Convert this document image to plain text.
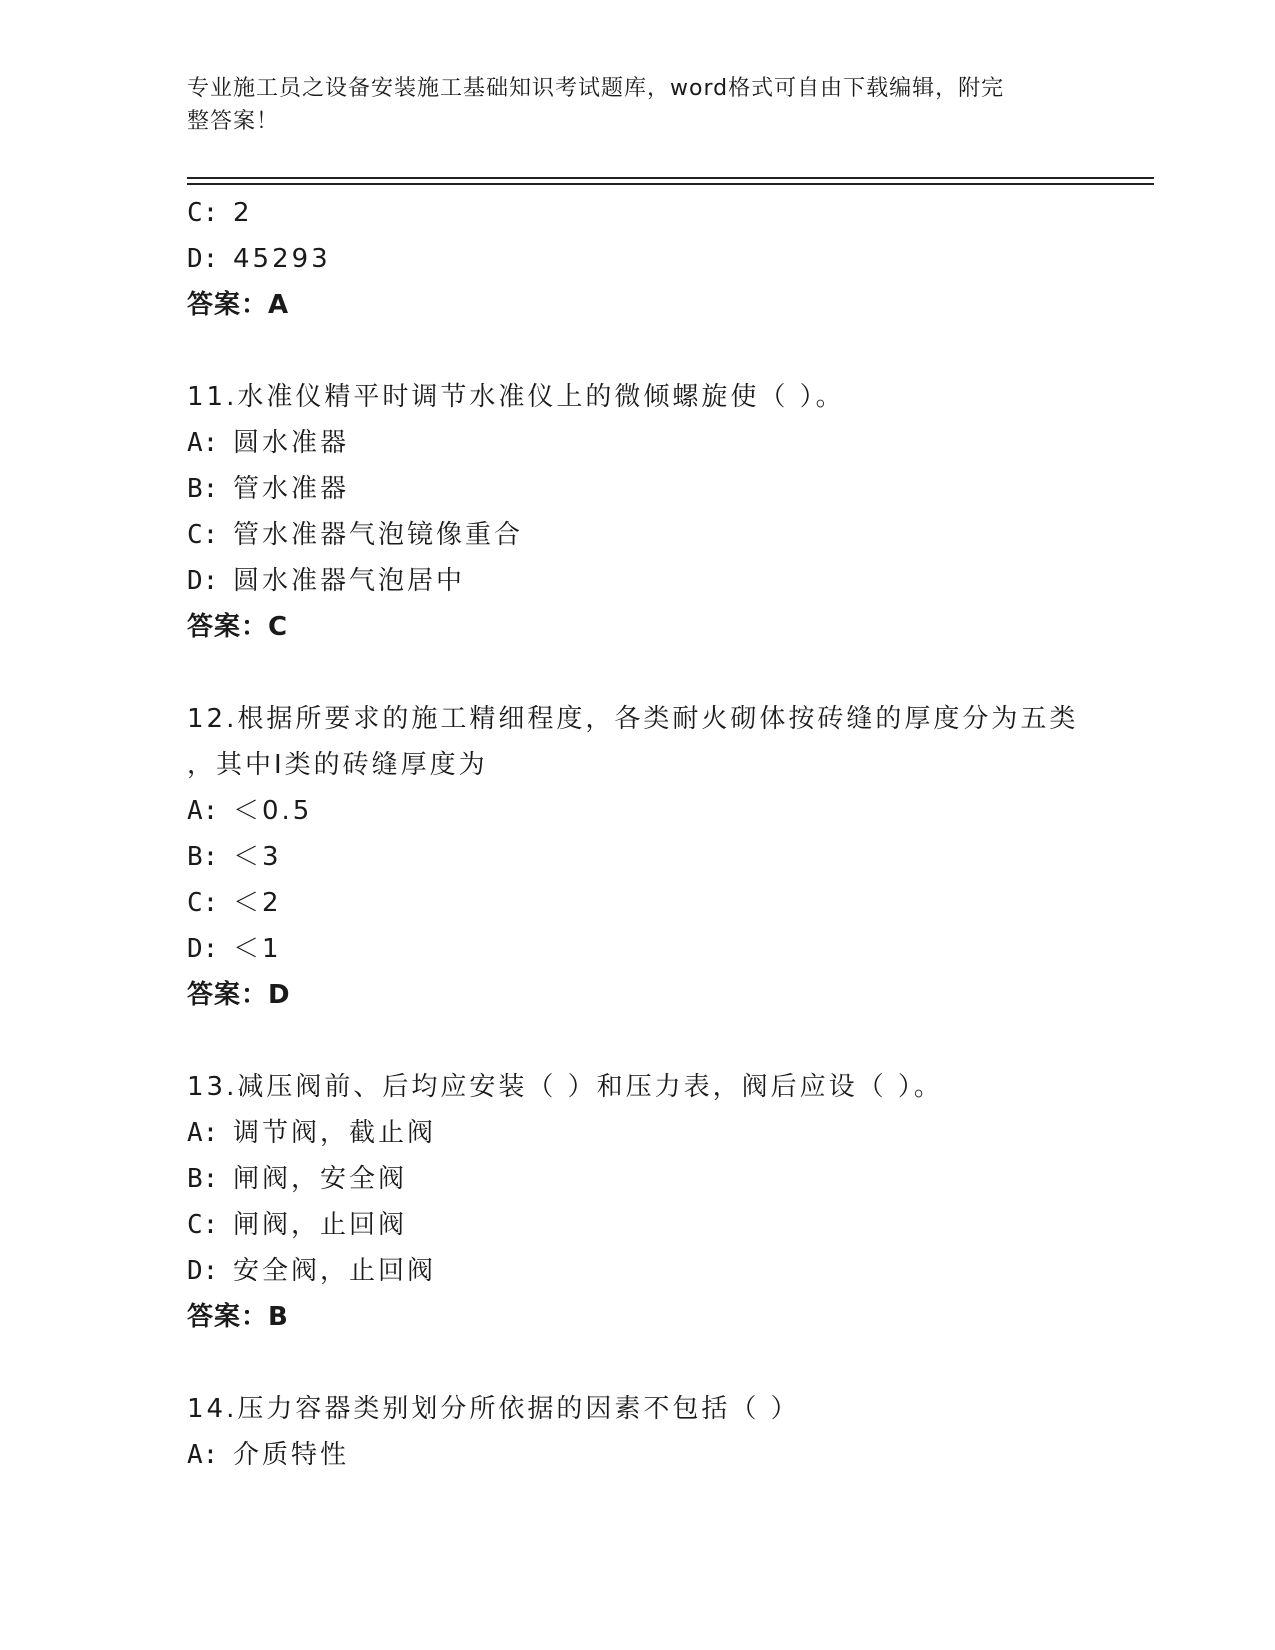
专业施工员之设备安装施工基础知识考试题库，word格式可自由下载编辑，附完
整答案！
C: 2
D: 45293
答案：A
11.水准仪精平时调节水准仪上的微倾螺旋使（ ）。
A: 圆水准器
B: 管水准器
C: 管水准器气泡镜像重合
D: 圆水准器气泡居中
答案：C
12.根据所要求的施工精细程度，各类耐火砌体按砖缝的厚度分为五类
，其中Ⅰ类的砖缝厚度为
A: ＜0.5
B: ＜3
C: ＜2
D: ＜1
答案：D
13.减压阀前、后均应安装（ ）和压力表，阀后应设（ ）。
A: 调节阀，截止阀
B: 闸阀，安全阀
C: 闸阀，止回阀
D: 安全阀，止回阀
答案：B
14.压力容器类别划分所依据的因素不包括（ ）
A: 介质特性
